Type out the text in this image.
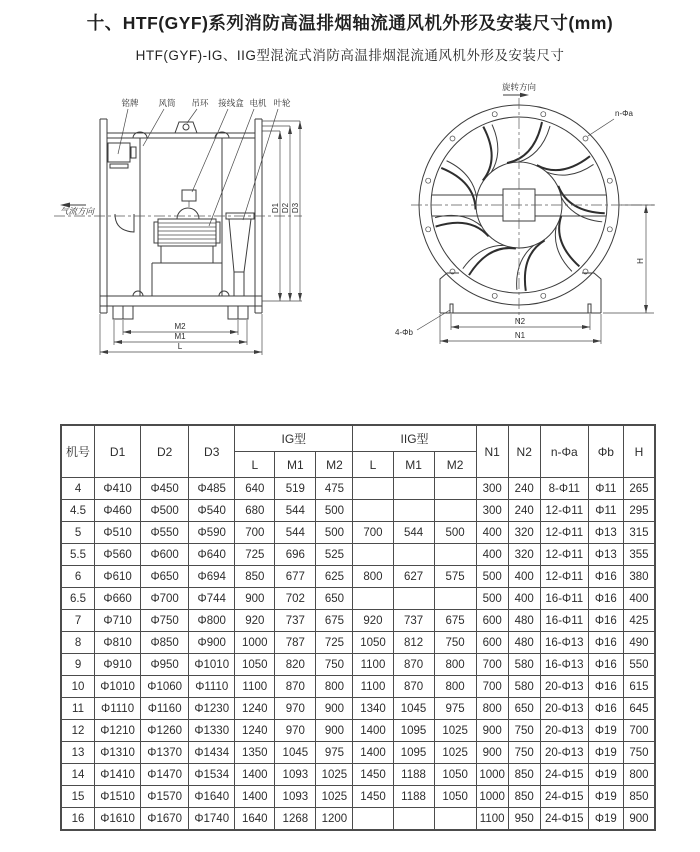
十、HTF(GYF)系列消防高温排烟轴流通风机外形及安装尺寸(mm)
HTF(GYF)-IG、IIG型混流式消防高温排烟混流通风机外形及安装尺寸
铭牌 风筒 吊环 接线盒 电机 叶轮
气流方向
M2
M1
L
D1 D2 D3
旋转方向
n-Φa
4-Φb
N2
N1
H
机号	D1	D2	D3	IG型			IIG型			N1	N2	n-Φa	Φb	H
				L	M1	M2	L	M1	M2					
4	Φ410	Φ450	Φ485	640	519	475				300	240	8-Φ11	Φ11	265
4.5	Φ460	Φ500	Φ540	680	544	500				300	240	12-Φ11	Φ11	295
5	Φ510	Φ550	Φ590	700	544	500	700	544	500	400	320	12-Φ11	Φ13	315
5.5	Φ560	Φ600	Φ640	725	696	525				400	320	12-Φ11	Φ13	355
6	Φ610	Φ650	Φ694	850	677	625	800	627	575	500	400	12-Φ11	Φ16	380
6.5	Φ660	Φ700	Φ744	900	702	650				500	400	16-Φ11	Φ16	400
7	Φ710	Φ750	Φ800	920	737	675	920	737	675	600	480	16-Φ11	Φ16	425
8	Φ810	Φ850	Φ900	1000	787	725	1050	812	750	600	480	16-Φ13	Φ16	490
9	Φ910	Φ950	Φ1010	1050	820	750	1100	870	800	700	580	16-Φ13	Φ16	550
10	Φ1010	Φ1060	Φ1110	1100	870	800	1100	870	800	700	580	20-Φ13	Φ16	615
11	Φ1110	Φ1160	Φ1230	1240	970	900	1340	1045	975	800	650	20-Φ13	Φ16	645
12	Φ1210	Φ1260	Φ1330	1240	970	900	1400	1095	1025	900	750	20-Φ13	Φ19	700
13	Φ1310	Φ1370	Φ1434	1350	1045	975	1400	1095	1025	900	750	20-Φ13	Φ19	750
14	Φ1410	Φ1470	Φ1534	1400	1093	1025	1450	1188	1050	1000	850	24-Φ15	Φ19	800
15	Φ1510	Φ1570	Φ1640	1400	1093	1025	1450	1188	1050	1000	850	24-Φ15	Φ19	850
16	Φ1610	Φ1670	Φ1740	1640	1268	1200				1100	950	24-Φ15	Φ19	900
